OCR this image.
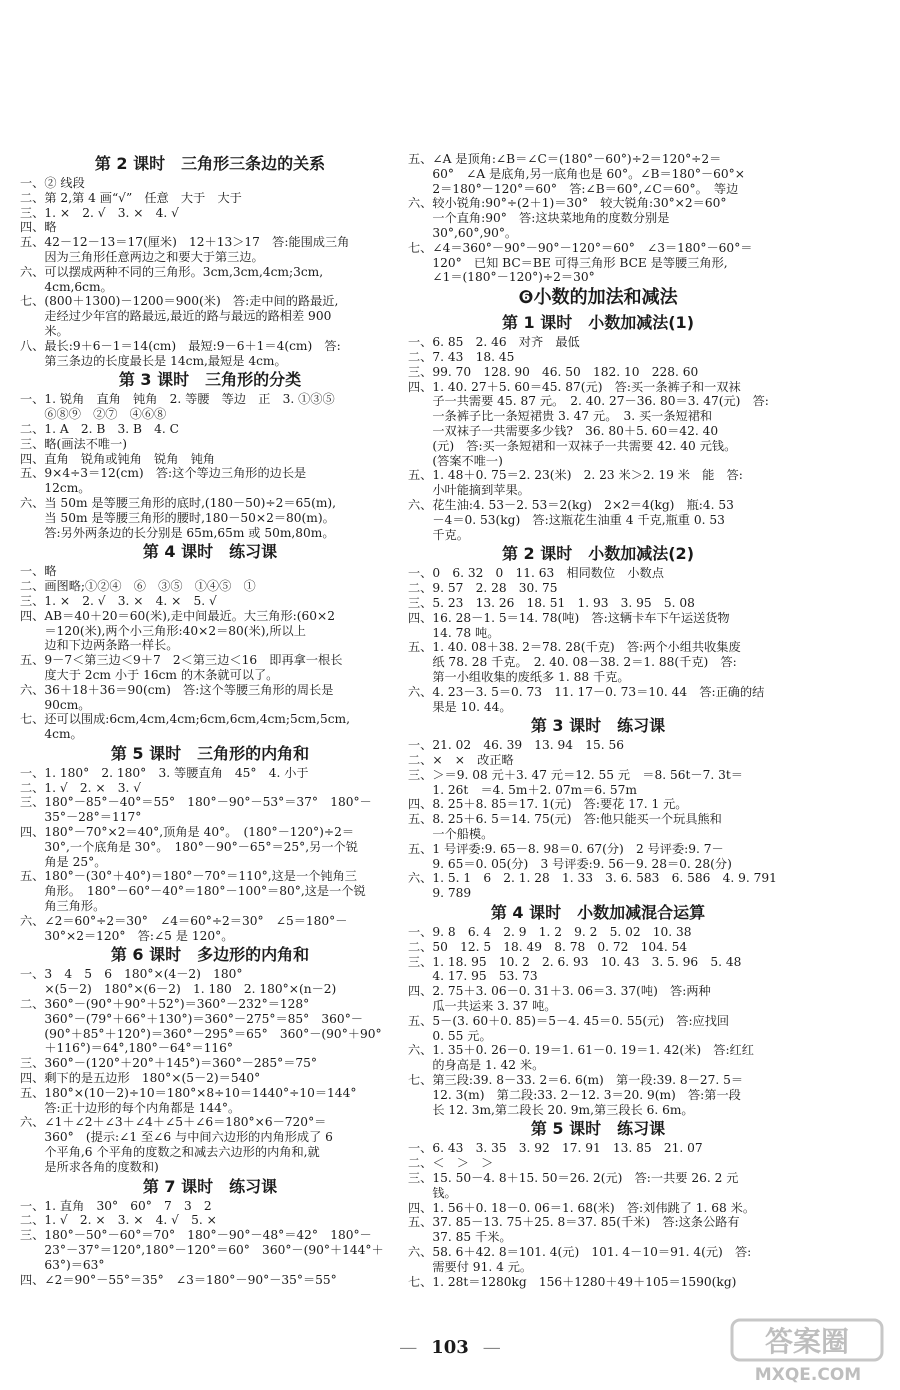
第 2 课时　三角形三条边的关系
一、② 线段
二、第 2,第 4 画“√”　任意　大于　大于
三、1. ×　2. √　3. ×　4. √
四、略
五、42－12－13＝17(厘米)　12＋13＞17　答:能围成三角
　　因为三角形任意两边之和要大于第三边。
六、可以摆成两种不同的三角形。3cm,3cm,4cm;3cm,
　　4cm,6cm。
七、(800＋1300)－1200＝900(米)　答:走中间的路最近,
　　走经过少年宫的路最远,最近的路与最远的路相差 900
　　米。
八、最长:9＋6－1＝14(cm)　最短:9－6＋1＝4(cm)　答:
　　第三条边的长度最长是 14cm,最短是 4cm。
第 3 课时　三角形的分类
一、1. 锐角　直角　钝角　2. 等腰　等边　正　3. ①③⑤
　　⑥⑧⑨　②⑦　④⑥⑧
二、1. A　2. B　3. B　4. C
三、略(画法不唯一)
四、直角　锐角或钝角　锐角　钝角
五、9×4÷3＝12(cm)　答:这个等边三角形的边长是
　　12cm。
六、当 50m 是等腰三角形的底时,(180－50)÷2＝65(m),
　　当 50m 是等腰三角形的腰时,180－50×2＝80(m)。
　　答:另外两条边的长分别是 65m,65m 或 50m,80m。
第 4 课时　练习课
一、略
二、画图略;①②④　⑥　③⑤　①④⑤　①
三、1. ×　2. √　3. ×　4. ×　5. √
四、AB＝40＋20＝60(米),走中间最近。大三角形:(60×2
　　＝120(米),两个小三角形:40×2＝80(米),所以上
　　边和下边两条路一样长。
五、9－7＜第三边＜9＋7　2＜第三边＜16　即再拿一根长
　　度大于 2cm 小于 16cm 的木条就可以了。
六、36＋18＋36＝90(cm)　答:这个等腰三角形的周长是
　　90cm。
七、还可以围成:6cm,4cm,4cm;6cm,6cm,4cm;5cm,5cm,
　　4cm。
第 5 课时　三角形的内角和
一、1. 180°　2. 180°　3. 等腰直角　45°　4. 小于
二、1. √　2. ×　3. √
三、180°－85°－40°＝55°　180°－90°－53°＝37°　180°－
　　35°－28°＝117°
四、180°－70°×2＝40°,顶角是 40°。　(180°－120°)÷2＝
　　30°,一个底角是 30°。　180°－90°－65°＝25°,另一个锐
　　角是 25°。
五、180°－(30°＋40°)＝180°－70°＝110°,这是一个钝角三
　　角形。　180°－60°－40°＝180°－100°＝80°,这是一个锐
　　角三角形。
六、∠2＝60°÷2＝30°　∠4＝60°÷2＝30°　∠5＝180°－
　　30°×2＝120°　答:∠5 是 120°。
第 6 课时　多边形的内角和
一、3　4　5　6　180°×(4－2)　180°
　　×(5－2)　180°×(6－2)　1. 180　2. 180°×(n－2)
二、360°－(90°＋90°＋52°)＝360°－232°＝128°
　　360°－(79°＋66°＋130°)＝360°－275°＝85°　360°－
　　(90°＋85°＋120°)＝360°－295°＝65°　360°－(90°＋90°
　　＋116°)＝64°,180°－64°＝116°
三、360°－(120°＋20°＋145°)＝360°－285°＝75°
四、剩下的是五边形　180°×(5－2)＝540°
五、180°×(10－2)÷10＝180°×8÷10＝1440°÷10＝144°
　　答:正十边形的每个内角都是 144°。
六、∠1＋∠2＋∠3＋∠4＋∠5＋∠6＝180°×6－720°＝
　　360°　(提示:∠1 至∠6 与中间六边形的内角形成了 6
　　个平角,6 个平角的度数之和减去六边形的内角和,就
　　是所求各角的度数和)
第 7 课时　练习课
一、1. 直角　30°　60°　7　3　2
二、1. √　2. ×　3. ×　4. √　5. ×
三、180°－50°－60°＝70°　180°－90°－48°＝42°　180°－
　　23°－37°＝120°,180°－120°＝60°　360°－(90°＋144°＋
　　63°)＝63°
四、∠2＝90°－55°＝35°　∠3＝180°－90°－35°＝55°
五、∠A 是顶角:∠B＝∠C＝(180°－60°)÷2＝120°÷2＝
　　60°　∠A 是底角,另一底角也是 60°。∠B＝180°－60°×
　　2＝180°－120°＝60°　答:∠B＝60°,∠C＝60°。　等边
六、较小锐角:90°÷(2＋1)＝30°　较大锐角:30°×2＝60°
　　一个直角:90°　答:这块菜地角的度数分别是
　　30°,60°,90°。
七、∠4＝360°－90°－90°－120°＝60°　∠3＝180°－60°＝
　　120°　已知 BC＝BE 可得三角形 BCE 是等腰三角形,
　　∠1＝(180°－120°)÷2＝30°
❻小数的加法和减法
第 1 课时　小数加减法(1)
一、6. 85　2. 46　对齐　最低
二、7. 43　18. 45
三、99. 70　128. 90　46. 50　182. 10　228. 60
四、1. 40. 27＋5. 60＝45. 87(元)　答:买一条裤子和一双袜
　　子一共需要 45. 87 元。　2. 40. 27－36. 80＝3. 47(元)　答:
　　一条裤子比一条短裙贵 3. 47 元。　3. 买一条短裙和
　　一双袜子一共需要多少钱?　36. 80＋5. 60＝42. 40
　　(元)　答:买一条短裙和一双袜子一共需要 42. 40 元钱。
　　(答案不唯一)
五、1. 48＋0. 75＝2. 23(米)　2. 23 米＞2. 19 米　能　答:
　　小叶能摘到苹果。
六、花生油:4. 53－2. 53＝2(kg)　2×2＝4(kg)　瓶:4. 53
　　－4＝0. 53(kg)　答:这瓶花生油重 4 千克,瓶重 0. 53
　　千克。
第 2 课时　小数加减法(2)
一、0　6. 32　0　11. 63　相同数位　小数点
二、9. 57　2. 28　30. 75
三、5. 23　13. 26　18. 51　1. 93　3. 95　5. 08
四、16. 28－1. 5＝14. 78(吨)　答:这辆卡车下午运送货物
　　14. 78 吨。
五、1. 40. 08＋38. 2＝78. 28(千克)　答:两个小组共收集废
　　纸 78. 28 千克。　2. 40. 08－38. 2＝1. 88(千克)　答:
　　第一小组收集的废纸多 1. 88 千克。
六、4. 23－3. 5＝0. 73　11. 17－0. 73＝10. 44　答:正确的结
　　果是 10. 44。
第 3 课时　练习课
一、21. 02　46. 39　13. 94　15. 56
二、×　×　改正略
三、＞＝9. 08 元＋3. 47 元＝12. 55 元　＝8. 56t－7. 3t＝
　　1. 26t　＝4. 5m＋2. 07m＝6. 57m
四、8. 25＋8. 85＝17. 1(元)　答:要花 17. 1 元。
五、8. 25＋6. 5＝14. 75(元)　答:他只能买一个玩具熊和
　　一个船模。
五、1 号评委:9. 65－8. 98＝0. 67(分)　2 号评委:9. 7－
　　9. 65＝0. 05(分)　3 号评委:9. 56－9. 28＝0. 28(分)
六、1. 5. 1　6　2. 1. 28　1. 33　3. 6. 583　6. 586　4. 9. 791
　　9. 789
第 4 课时　小数加减混合运算
一、9. 8　6. 4　2. 9　1. 2　9. 2　5. 02　10. 38
二、50　12. 5　18. 49　8. 78　0. 72　104. 54
三、1. 18. 95　10. 2　2. 6. 93　10. 43　3. 5. 96　5. 48
　　4. 17. 95　53. 73
四、2. 75＋3. 06－0. 31＋3. 06＝3. 37(吨)　答:两种
　　瓜一共运来 3. 37 吨。
五、5－(3. 60＋0. 85)＝5－4. 45＝0. 55(元)　答:应找回
　　0. 55 元。
六、1. 35＋0. 26－0. 19＝1. 61－0. 19＝1. 42(米)　答:红红
　　的身高是 1. 42 米。
七、第三段:39. 8－33. 2＝6. 6(m)　第一段:39. 8－27. 5＝
　　12. 3(m)　第二段:33. 2－12. 3＝20. 9(m)　答:第一段
　　长 12. 3m,第二段长 20. 9m,第三段长 6. 6m。
第 5 课时　练习课
一、6. 43　3. 35　3. 92　17. 91　13. 85　21. 07
二、＜　＞　＞
三、15. 50－4. 8＋15. 50＝26. 2(元)　答:一共要 26. 2 元
　　钱。
四、1. 56＋0. 18－0. 06＝1. 68(米)　答:刘伟跳了 1. 68 米。
五、37. 85－13. 75＋25. 8＝37. 85(千米)　答:这条公路有
　　37. 85 千米。
六、58. 6＋42. 8＝101. 4(元)　101. 4－10＝91. 4(元)　答:
　　需要付 91. 4 元。
七、1. 28t＝1280kg　156＋1280＋49＋105＝1590(kg)
— 103 —	答案圈
MXQE.COM
